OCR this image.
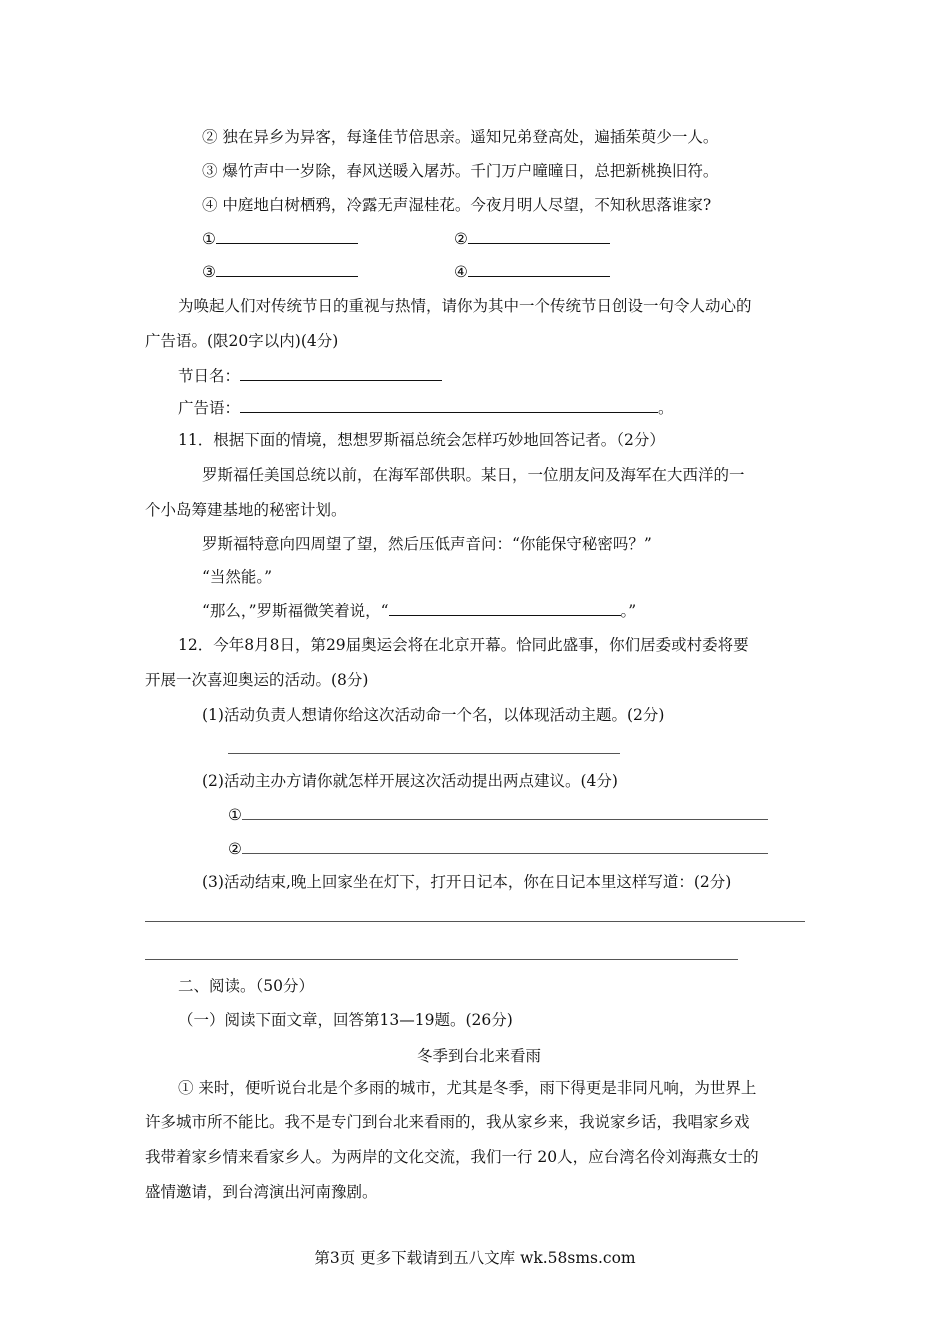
② 独在异乡为异客，每逢佳节倍思亲。遥知兄弟登高处，遍插茱萸少一人。
③ 爆竹声中一岁除，春风送暖入屠苏。千门万户曈曈日，总把新桃换旧符。
④ 中庭地白树栖鸦，冷露无声湿桂花。今夜月明人尽望，不知秋思落谁家?
①	②
③	④
为唤起人们对传统节日的重视与热情，请你为其中一个传统节日创设一句令人动心的
广告语。(限20字以内)(4分)
节日名：
广告语：	。
11．根据下面的情境，想想罗斯福总统会怎样巧妙地回答记者。（2分）
罗斯福任美国总统以前，在海军部供职。某日，一位朋友问及海军在大西洋的一
个小岛筹建基地的秘密计划。
罗斯福特意向四周望了望，然后压低声音问：“你能保守秘密吗？”
“当然能。”
“那么，”罗斯福微笑着说，“	。”
12．今年8月8日，第29届奥运会将在北京开幕。恰同此盛事，你们居委或村委将要
开展一次喜迎奥运的活动。(8分)
(1)活动负责人想请你给这次活动命一个名，以体现活动主题。(2分)
(2)活动主办方请你就怎样开展这次活动提出两点建议。(4分)
①
②
(3)活动结束,晚上回家坐在灯下，打开日记本，你在日记本里这样写道：(2分)
二、阅读。（50分）
（一）阅读下面文章，回答第13—19题。(26分)
冬季到台北来看雨
① 来时，便听说台北是个多雨的城市，尤其是冬季，雨下得更是非同凡响，为世界上
许多城市所不能比。我不是专门到台北来看雨的，我从家乡来，我说家乡话，我唱家乡戏
我带着家乡情来看家乡人。为两岸的文化交流，我们一行 20人，应台湾名伶刘海燕女士的
盛情邀请，到台湾演出河南豫剧。
第3页 更多下载请到五八文库 wk.58sms.com
